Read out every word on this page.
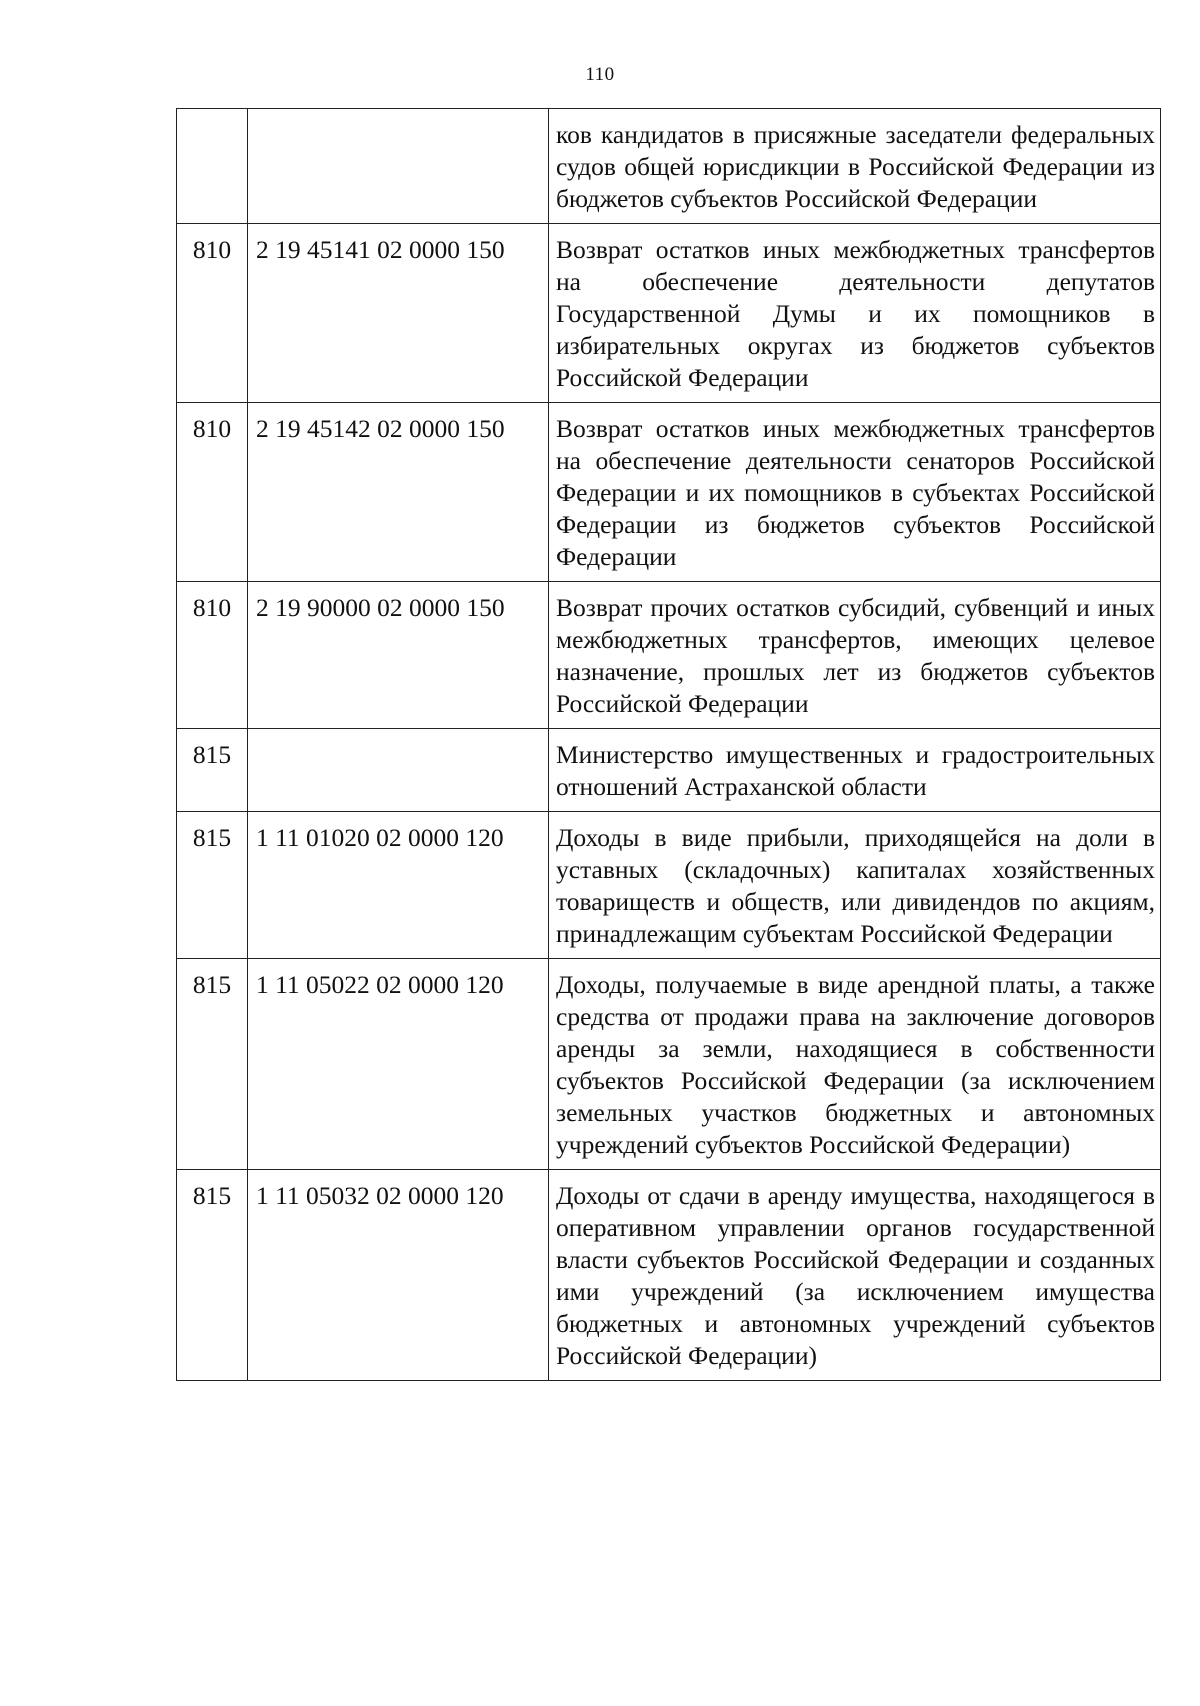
110
		ков кандидатов в присяжные заседатели федеральных судов общей юрисдикции в Российской Федерации из бюджетов субъектов Российской Федерации
810	2 19 45141 02 0000 150	Возврат остатков иных межбюджетных трансфертов на обеспечение деятельности депутатов Государственной Думы и их помощников в избирательных округах из бюджетов субъектов Российской Федерации
810	2 19 45142 02 0000 150	Возврат остатков иных межбюджетных трансфертов на обеспечение деятельности сенаторов Российской Федерации и их помощников в субъектах Российской Федерации из бюджетов субъектов Российской Федерации
810	2 19 90000 02 0000 150	Возврат прочих остатков субсидий, субвенций и иных межбюджетных трансфертов, имеющих целевое назначение, прошлых лет из бюджетов субъектов Российской Федерации
815		Министерство имущественных и градостроительных отношений Астраханской области
815	1 11 01020 02 0000 120	Доходы в виде прибыли, приходящейся на доли в уставных (складочных) капиталах хозяйственных товариществ и обществ, или дивидендов по акциям, принадлежащим субъектам Российской Федерации
815	1 11 05022 02 0000 120	Доходы, получаемые в виде арендной платы, а также средства от продажи права на заключение договоров аренды за земли, находящиеся в собственности субъектов Российской Федерации (за исключением земельных участков бюджетных и автономных учреждений субъектов Российской Федерации)
815	1 11 05032 02 0000 120	Доходы от сдачи в аренду имущества, находящегося в оперативном управлении органов государственной власти субъектов Российской Федерации и созданных ими учреждений (за исключением имущества бюджетных и автономных учреждений субъектов Российской Федерации)
